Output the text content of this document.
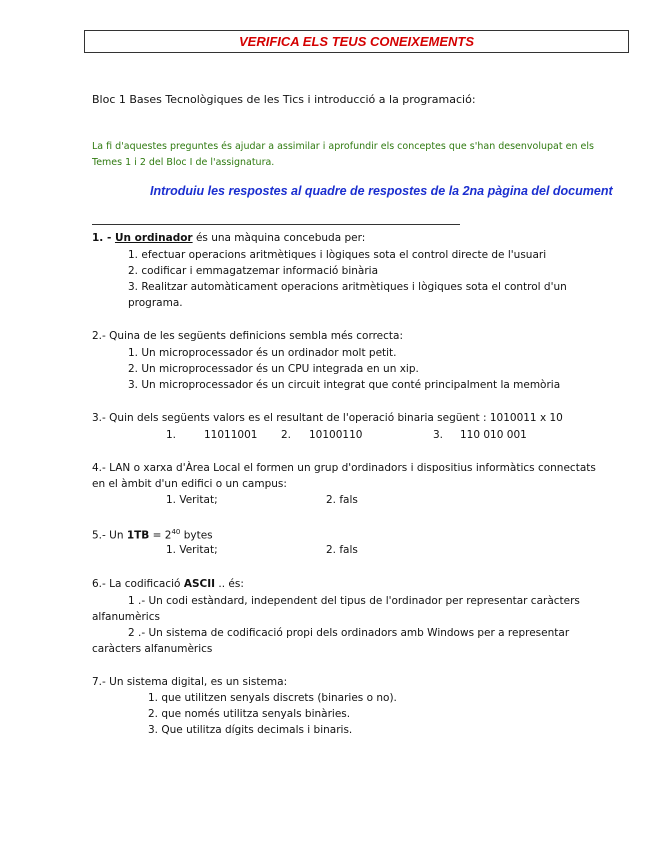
VERIFICA ELS TEUS CONEIXEMENTS
Bloc 1 Bases Tecnològiques de les Tics i introducció a la programació:
La fi d'aquestes preguntes és ajudar a assimilar i aprofundir els conceptes que s'han desenvolupat en els
Temes 1 i 2 del Bloc I de l'assignatura.
Introduiu les respostes al quadre de respostes de la 2na pàgina del document
1. - Un ordinador és una màquina concebuda per:
1. efectuar operacions aritmètiques i lògiques sota el control directe de l'usuari
2. codificar i emmagatzemar informació binària
3. Realitzar automàticament operacions aritmètiques i lògiques sota el control d'un
programa.
2.- Quina de les següents definicions sembla més correcta:
1. Un microprocessador és un ordinador molt petit.
2. Un microprocessador és un CPU integrada en un xip.
3. Un microprocessador és un circuit integrat que conté principalment la memòria
3.- Quin dels següents valors es el resultant de l'operació binaria següent : 1010011 x 10
1.	11011001 2. 10100110	3. 110 010 001
4.- LAN o xarxa d'Àrea Local el formen un grup d'ordinadors i dispositius informàtics connectats
en el àmbit d'un edifici o un campus:
1. Veritat;	2. fals
5.- Un $1TB = 2^{40}$ bytes
1. Veritat;	2. fals
6.- La codificació ASCII .. és:
1 .- Un codi estàndard, independent del tipus de l'ordinador per representar caràcters
alfanumèrics
2 .- Un sistema de codificació propi dels ordinadors amb Windows per a representar
caràcters alfanumèrics
7.- Un sistema digital, es un sistema:
1. que utilitzen senyals discrets (binaries o no).
2. que només utilitza senyals binàries.
3. Que utilitza dígits decimals i binaris.
